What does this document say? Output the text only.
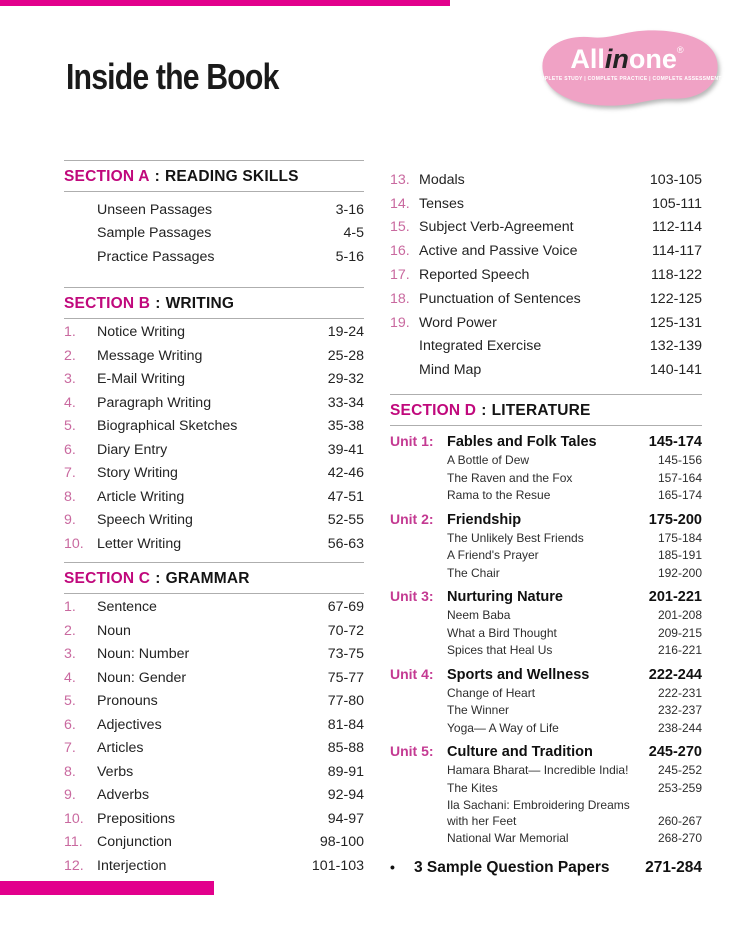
Inside the Book	Allinone®
COMPLETE STUDY | COMPLETE PRACTICE | COMPLETE ASSESSMENT
SECTION A : READING SKILLS
Unseen Passages	3-16
Sample Passages	4-5
Practice Passages	5-16
SECTION B : WRITING
1.	Notice Writing	19-24
2.	Message Writing	25-28
3.	E-Mail Writing	29-32
4.	Paragraph Writing	33-34
5.	Biographical Sketches	35-38
6.	Diary Entry	39-41
7.	Story Writing	42-46
8.	Article Writing	47-51
9.	Speech Writing	52-55
10. Letter Writing	56-63
SECTION C : GRAMMAR
1.	Sentence	67-69
2.	Noun	70-72
3.	Noun: Number	73-75
4.	Noun: Gender	75-77
5.	Pronouns	77-80
6.	Adjectives	81-84
7.	Articles	85-88
8.	Verbs	89-91
9.	Adverbs	92-94
10. Prepositions	94-97
11.	Conjunction	98-100
12. Interjection	101-103
13. Modals	103-105
14. Tenses	105-111
15. Subject Verb-Agreement	112-114
16. Active and Passive Voice	114-117
17. Reported Speech	118-122
18. Punctuation of Sentences	122-125
19. Word Power	125-131
Integrated Exercise	132-139
Mind Map	140-141
SECTION D : LITERATURE
Unit 1: Fables and Folk Tales	145-174
A Bottle of Dew	145-156
The Raven and the Fox	157-164
Rama to the Resue	165-174
Unit 2: Friendship	175-200
The Unlikely Best Friends	175-184
A Friend's Prayer	185-191
The Chair	192-200
Unit 3: Nurturing Nature	201-221
Neem Baba	201-208
What a Bird Thought	209-215
Spices that Heal Us	216-221
Unit 4: Sports and Wellness	222-244
Change of Heart	222-231
The Winner	232-237
Yoga— A Way of Life	238-244
Unit 5: Culture and Tradition	245-270
Hamara Bharat— Incredible India!	245-252
The Kites	253-259
Ila Sachani: Embroidering Dreams with her Feet	260-267
National War Memorial	268-270
•	3 Sample Question Papers 271-284
